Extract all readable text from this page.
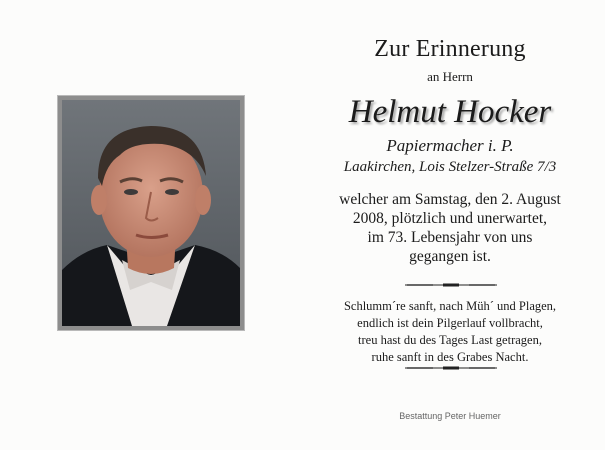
Zur Erinnerung
an Herrn
Helmut Hocker
Papiermacher i. P.
Laakirchen, Lois Stelzer-Straße 7/3
welcher am Samstag, den 2. August
2008, plötzlich und unerwartet,
im 73. Lebensjahr von uns
gegangen ist.
Schlumm´re sanft, nach Müh´ und Plagen,
endlich ist dein Pilgerlauf vollbracht,
treu hast du des Tages Last getragen,
ruhe sanft in des Grabes Nacht.
Bestattung Peter Huemer
